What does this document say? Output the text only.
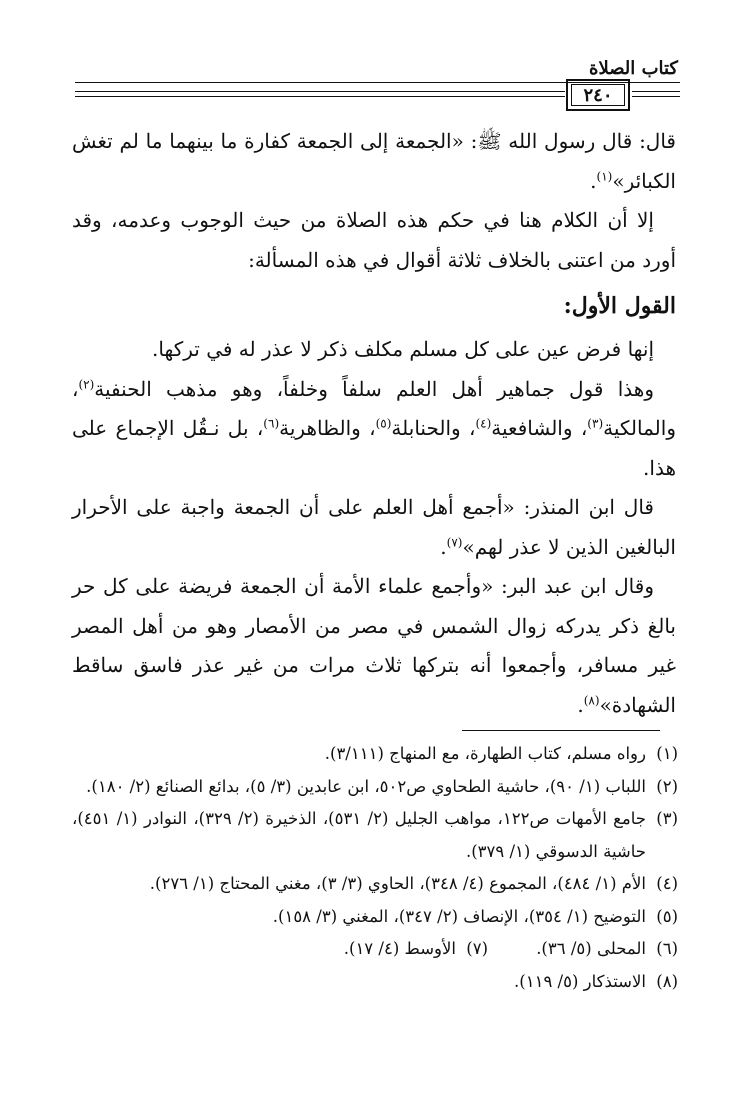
كتاب الصلاة
٢٤٠

قال: قال رسول الله ﷺ: «الجمعة إلى الجمعة كفارة ما بينهما ما لم تغش الكبائر»$^{(١)}$.

إلا أن الكلام هنا في حكم هذه الصلاة من حيث الوجوب وعدمه، وقد أورد من اعتنى بالخلاف ثلاثة أقوال في هذه المسألة:

القول الأول:

إنها فرض عين على كل مسلم مكلف ذكر لا عذر له في تركها.

وهذا قول جماهير أهل العلم سلفاً وخلفاً، وهو مذهب الحنفية$^{(٢)}$، والمالكية$^{(٣)}$، والشافعية$^{(٤)}$، والحنابلة$^{(٥)}$، والظاهرية$^{(٦)}$، بل نـقُل الإجماع على هذا.

قال ابن المنذر: «أجمع أهل العلم على أن الجمعة واجبة على الأحرار البالغين الذين لا عذر لهم»$^{(٧)}$.

وقال ابن عبد البر: «وأجمع علماء الأمة أن الجمعة فريضة على كل حر بالغ ذكر يدركه زوال الشمس في مصر من الأمصار وهو من أهل المصر غير مسافر، وأجمعوا أنه بتركها ثلاث مرات من غير عذر فاسق ساقط الشهادة»$^{(٨)}$.

(١)
رواه مسلم، كتاب الطهارة، مع المنهاج (٣/١١١).
(٢)
اللباب (١/ ٩٠)، حاشية الطحاوي ص٥٠٢، ابن عابدين (٣/ ٥)، بدائع الصنائع (٢/ ١٨٠).
(٣)
جامع الأمهات ص١٢٢، مواهب الجليل (٢/ ٥٣١)، الذخيرة (٢/ ٣٢٩)، النوادر (١/ ٤٥١)، حاشية الدسوقي (١/ ٣٧٩).
(٤)
الأم (١/ ٤٨٤)، المجموع (٤/ ٣٤٨)، الحاوي (٣/ ٣)، مغني المحتاج (١/ ٢٧٦).
(٥)
التوضيح (١/ ٣٥٤)، الإنصاف (٢/ ٣٤٧)، المغني (٣/ ١٥٨).
(٦)
المحلى (٥/ ٣٦).
(٧)
الأوسط (٤/ ١٧).
(٨)
الاستذكار (٥/ ١١٩).
